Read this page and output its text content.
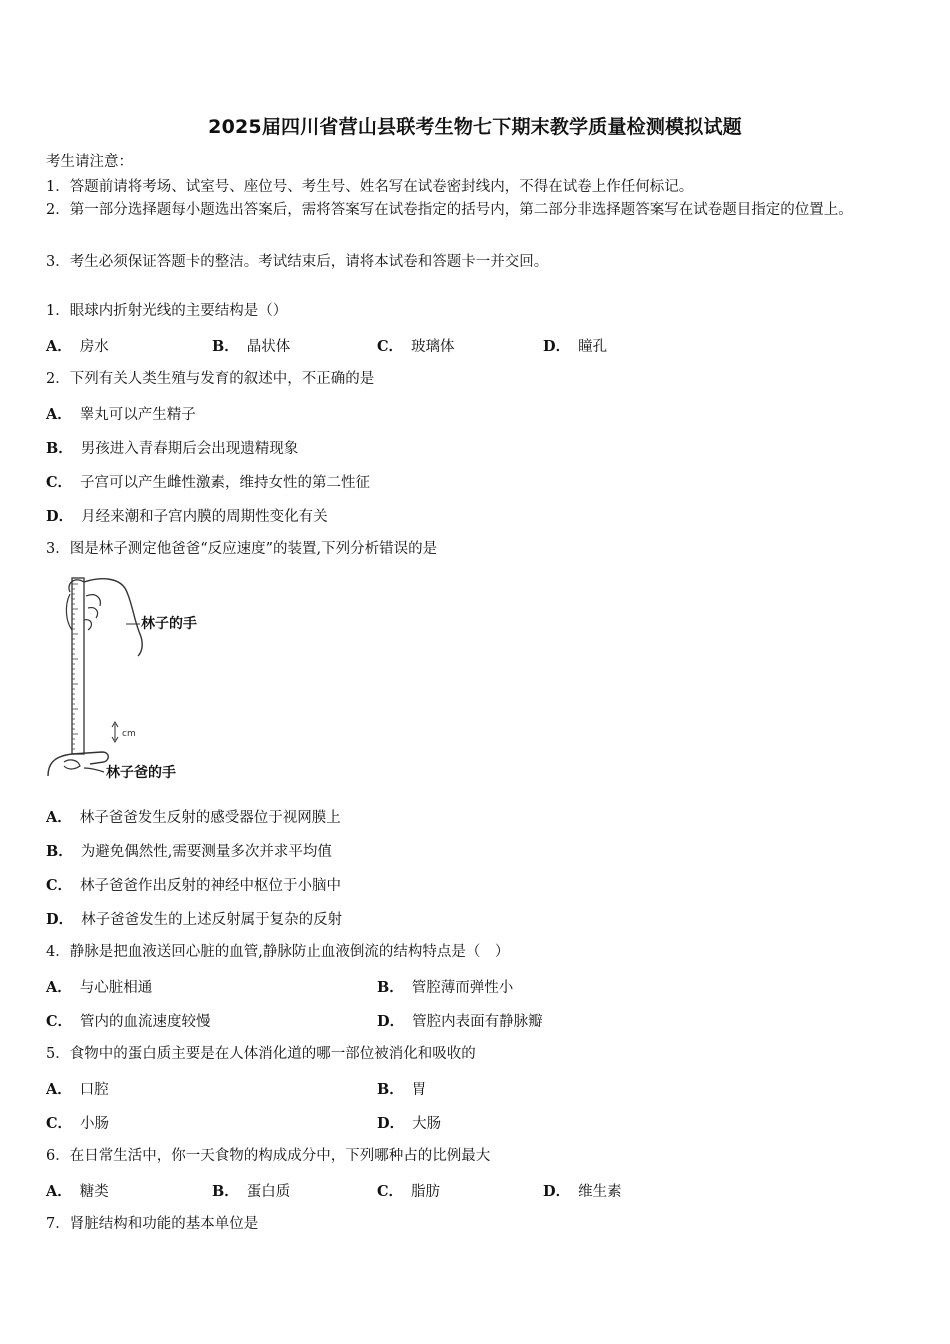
2025届四川省营山县联考生物七下期末教学质量检测模拟试题
考生请注意：
1．答题前请将考场、试室号、座位号、考生号、姓名写在试卷密封线内，不得在试卷上作任何标记。
2．第一部分选择题每小题选出答案后，需将答案写在试卷指定的括号内，第二部分非选择题答案写在试卷题目指定的位置上。
3．考生必须保证答题卡的整洁。考试结束后，请将本试卷和答题卡一并交回。
1．眼球内折射光线的主要结构是（）
A． 房水	B． 晶状体	C． 玻璃体	D． 瞳孔
2．下列有关人类生殖与发育的叙述中，不正确的是
A． 睾丸可以产生精子
B． 男孩进入青春期后会出现遗精现象
C． 子宫可以产生雌性激素，维持女性的第二性征
D． 月经来潮和子宫内膜的周期性变化有关
3．图是林子测定他爸爸“反应速度”的装置,下列分析错误的是
林子的手
cm
林子爸的手
A． 林子爸爸发生反射的感受器位于视网膜上
B． 为避免偶然性,需要测量多次并求平均值
C． 林子爸爸作出反射的神经中枢位于小脑中
D． 林子爸爸发生的上述反射属于复杂的反射
4．静脉是把血液送回心脏的血管,静脉防止血液倒流的结构特点是（　）
A． 与心脏相通	B． 管腔薄而弹性小
C． 管内的血流速度较慢	D． 管腔内表面有静脉瓣
5．食物中的蛋白质主要是在人体消化道的哪一部位被消化和吸收的
A． 口腔	B． 胃
C． 小肠	D． 大肠
6．在日常生活中，你一天食物的构成成分中，下列哪种占的比例最大
A． 糖类	B． 蛋白质	C． 脂肪	D． 维生素
7．肾脏结构和功能的基本单位是
